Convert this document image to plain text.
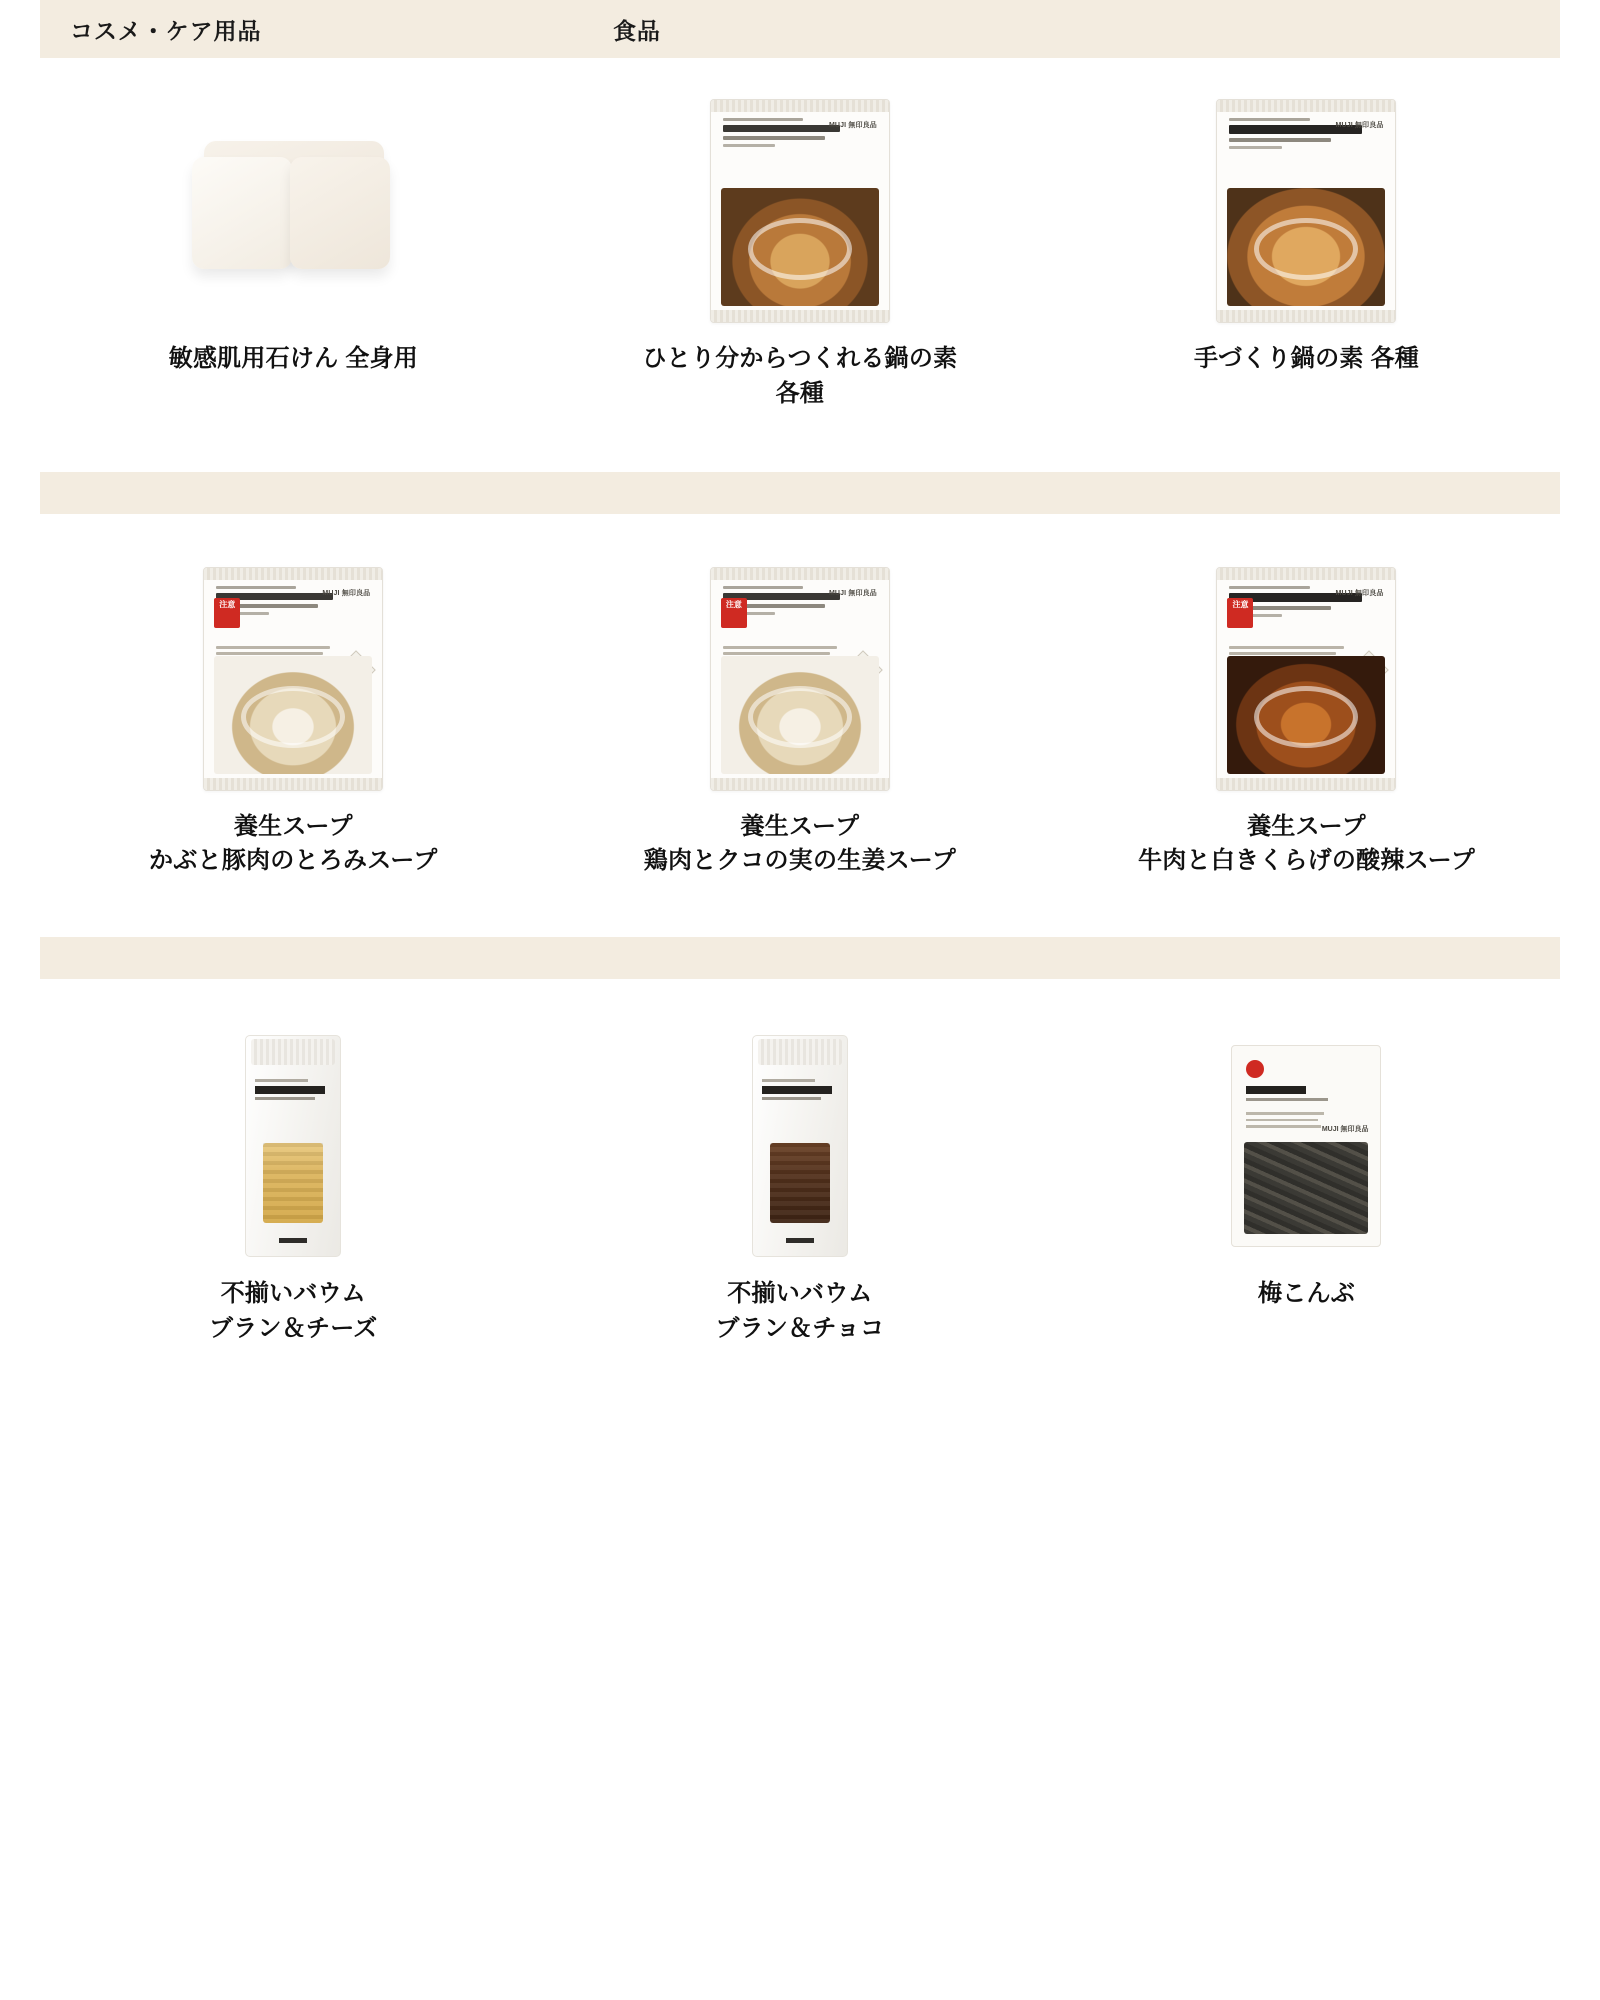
コスメ・ケア用品	食品
敏感肌用石けん 全身用
MUJI 無印良品
ひとり分からつくれる鍋の素
各種
MUJI 無印良品
手づくり鍋の素 各種
注意
MUJI 無印良品
養生スープ
かぶと豚肉のとろみスープ
注意
MUJI 無印良品
養生スープ
鶏肉とクコの実の生姜スープ
注意
MUJI 無印良品
養生スープ
牛肉と白きくらげの酸辣スープ
不揃いバウム
ブラン＆チーズ
不揃いバウム
ブラン＆チョコ
MUJI 無印良品
梅こんぶ
